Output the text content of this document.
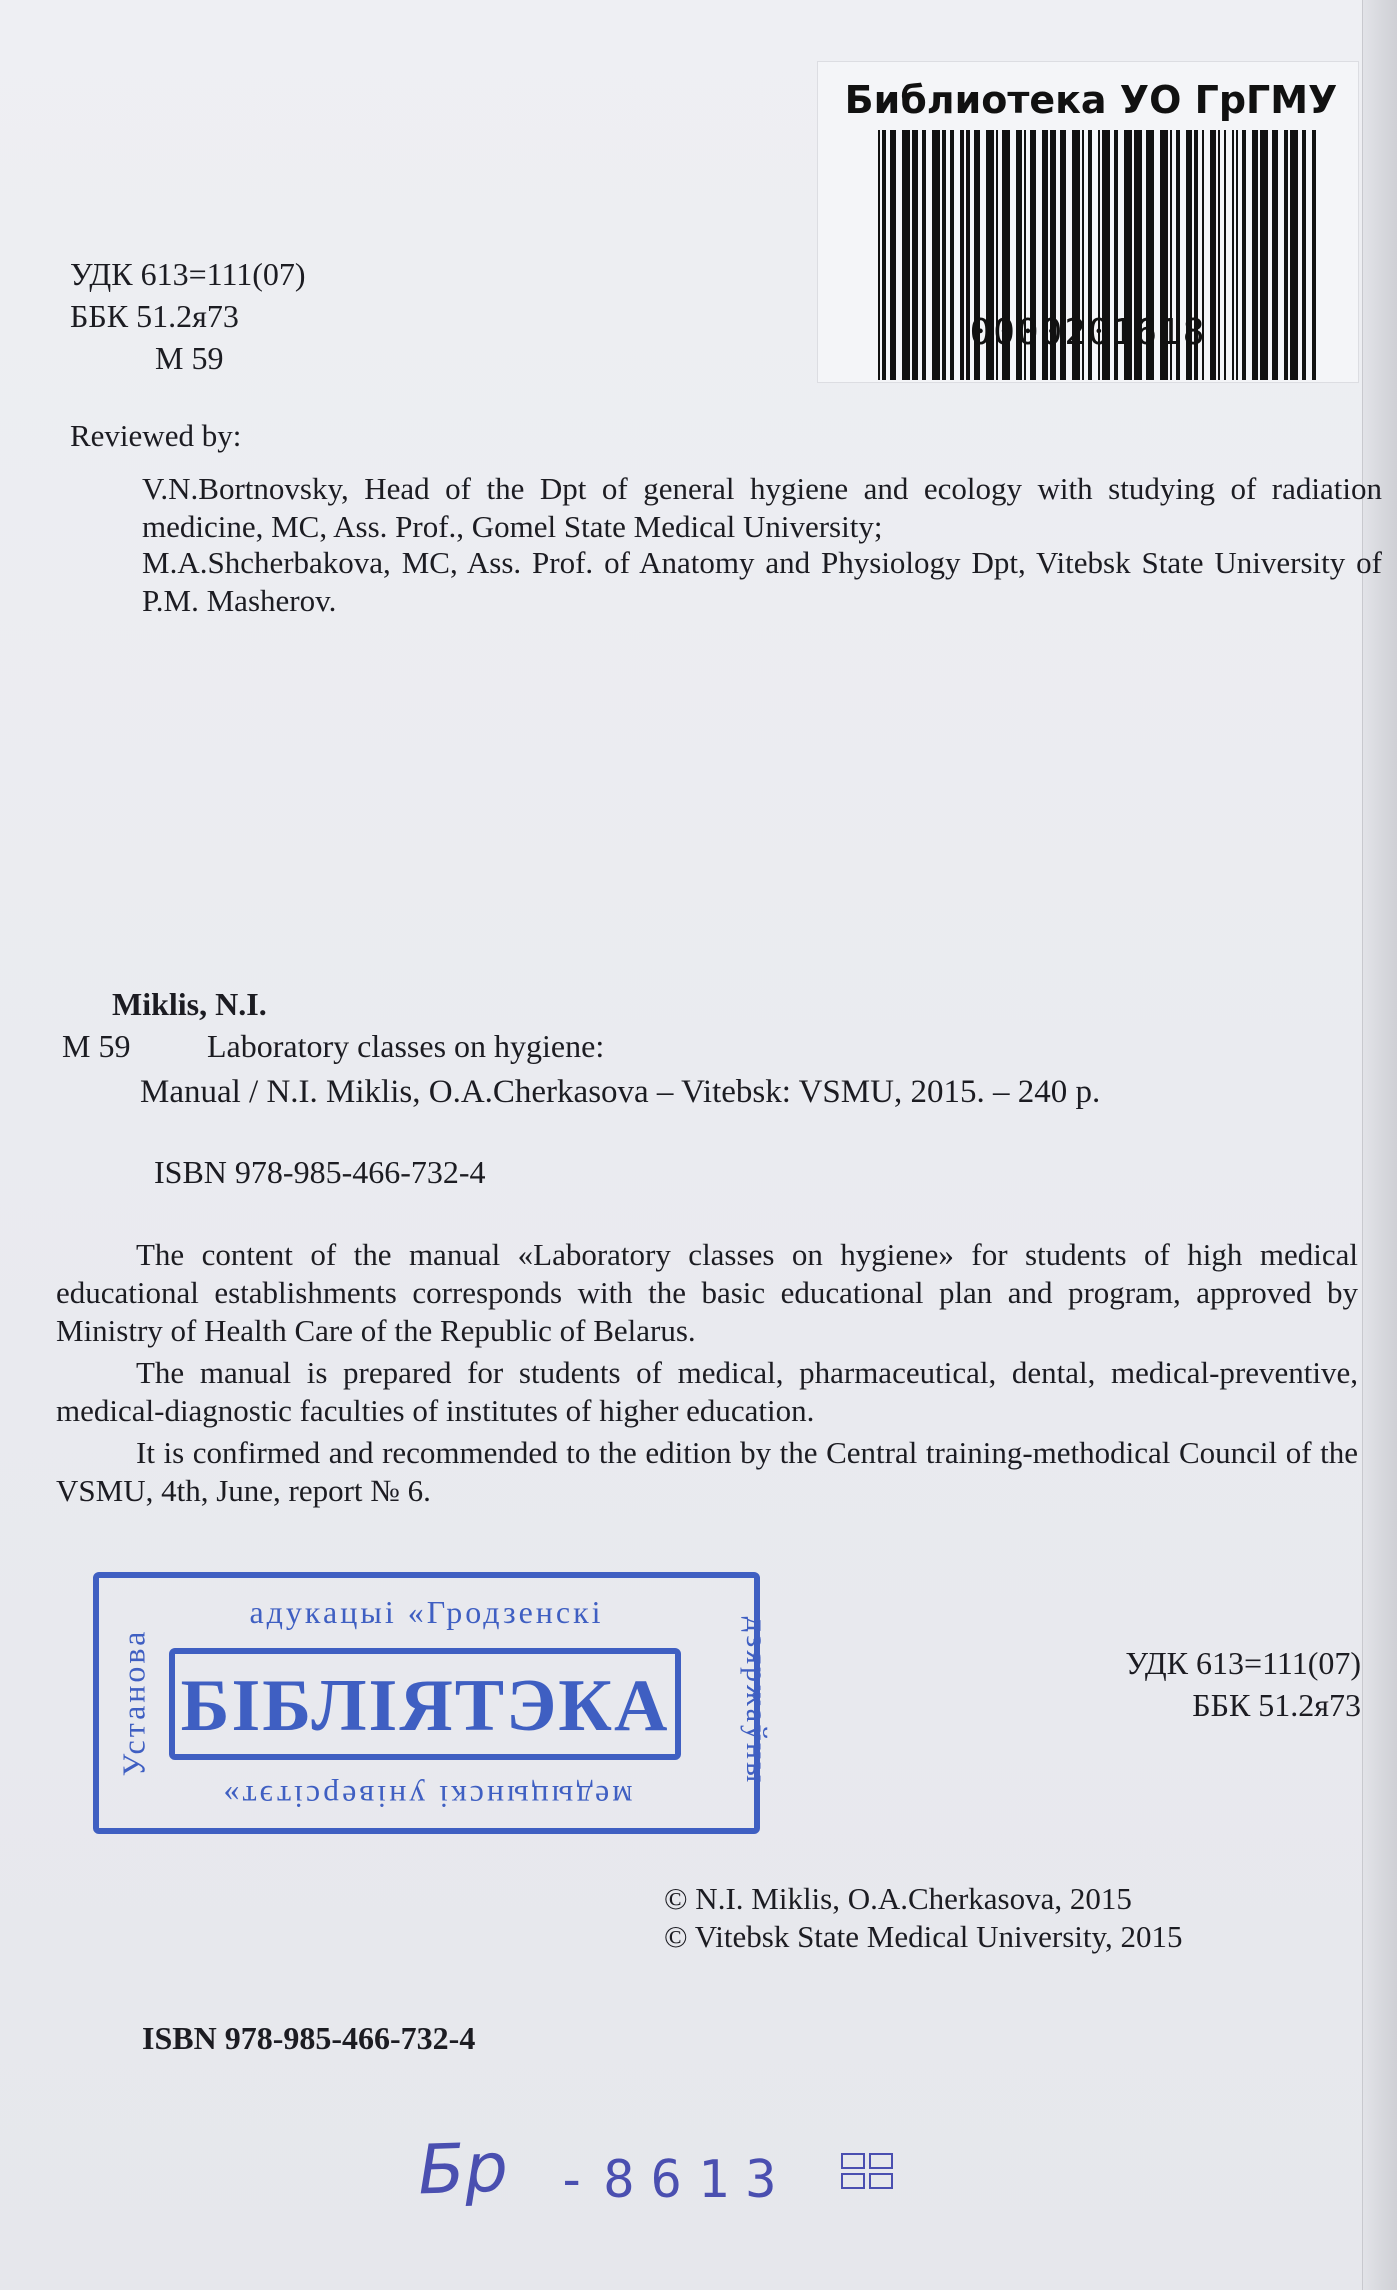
Библиотека УО ГрГМУ
0000201618
УДК 613=111(07)
ББК 51.2я73
М 59
Reviewed by:
V.N.Bortnovsky, Head of the Dpt of general hygiene and ecology with studying of radiation medicine, MC, Ass. Prof., Gomel State Medical University;
M.A.Shcherbakova, MC, Ass. Prof. of Anatomy and Physiology Dpt, Vitebsk State University of P.M. Masherov.
Miklis, N.I.
M 59 Laboratory classes on hygiene:
Manual / N.I. Miklis, O.A.Cherkasova – Vitebsk: VSMU, 2015. – 240 p.
ISBN 978-985-466-732-4
The content of the manual «Laboratory classes on hygiene» for students of high medical educational establishments corresponds with the basic educational plan and program, approved by Ministry of Health Care of the Republic of Belarus.
The manual is prepared for students of medical, pharmaceutical, dental, medical-preventive, medical-diagnostic faculties of institutes of higher education.
It is confirmed and recommended to the edition by the Central training-methodical Council of the VSMU, 4th, June, report № 6.
адукацыі «Гродзенскі
Установа БІБЛІЯТЭКА дзяржаўны
медыцынскі універсітэт»
УДК 613=111(07)
ББК 51.2я73
© N.I. Miklis, O.A.Cherkasova, 2015
© Vitebsk State Medical University, 2015
ISBN 978-985-466-732-4
Бр -8613
